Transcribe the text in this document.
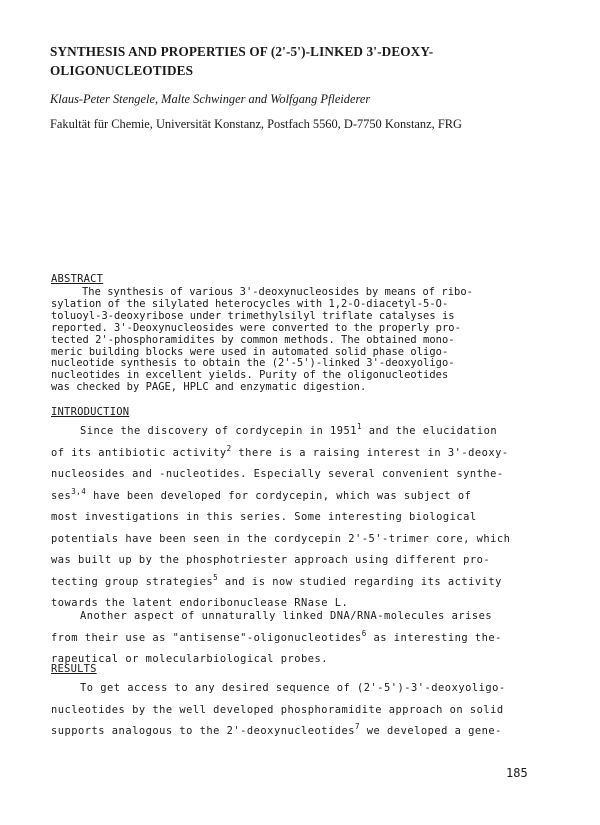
SYNTHESIS AND PROPERTIES OF (2'-5')-LINKED 3'-DEOXY-
OLIGONUCLEOTIDES

Klaus-Peter Stengele, Malte Schwinger and Wolfgang Pfleiderer

Fakultät für Chemie, Universität Konstanz, Postfach 5560, D-7750 Konstanz, FRG

ABSTRACT

The synthesis of various 3'-deoxynucleosides by means of ribo-
sylation of the silylated heterocycles with 1,2-O-diacetyl-5-O-
toluoyl-3-deoxyribose under trimethylsilyl triflate catalyses is
reported. 3'-Deoxynucleosides were converted to the properly pro-
tected 2'-phosphoramidites by common methods. The obtained mono-
meric building blocks were used in automated solid phase oligo-
nucleotide synthesis to obtain the (2'-5')-linked 3'-deoxyoligo-
nucleotides in excellent yields. Purity of the oligonucleotides
was checked by PAGE, HPLC and enzymatic digestion.

INTRODUCTION

Since the discovery of cordycepin in 1951$^1$ and the elucidation
of its antibiotic activity$^2$ there is a raising interest in 3'-deoxy-
nucleosides and -nucleotides. Especially several convenient synthe-
ses$^{3,4}$ have been developed for cordycepin, which was subject of
most investigations in this series. Some interesting biological
potentials have been seen in the cordycepin 2'-5'-trimer core, which
was built up by the phosphotriester approach using different pro-
tecting group strategies$^5$ and is now studied regarding its activity
towards the latent endoribonuclease RNase L.
Another aspect of unnaturally linked DNA/RNA-molecules arises
from their use as "antisense"-oligonucleotides$^6$ as interesting the-
rapeutical or molecularbiological probes.

RESULTS

To get access to any desired sequence of (2'-5')-3'-deoxyoligo-
nucleotides by the well developed phosphoramidite approach on solid
supports analogous to the 2'-deoxynucleotides$^7$ we developed a gene-

185
